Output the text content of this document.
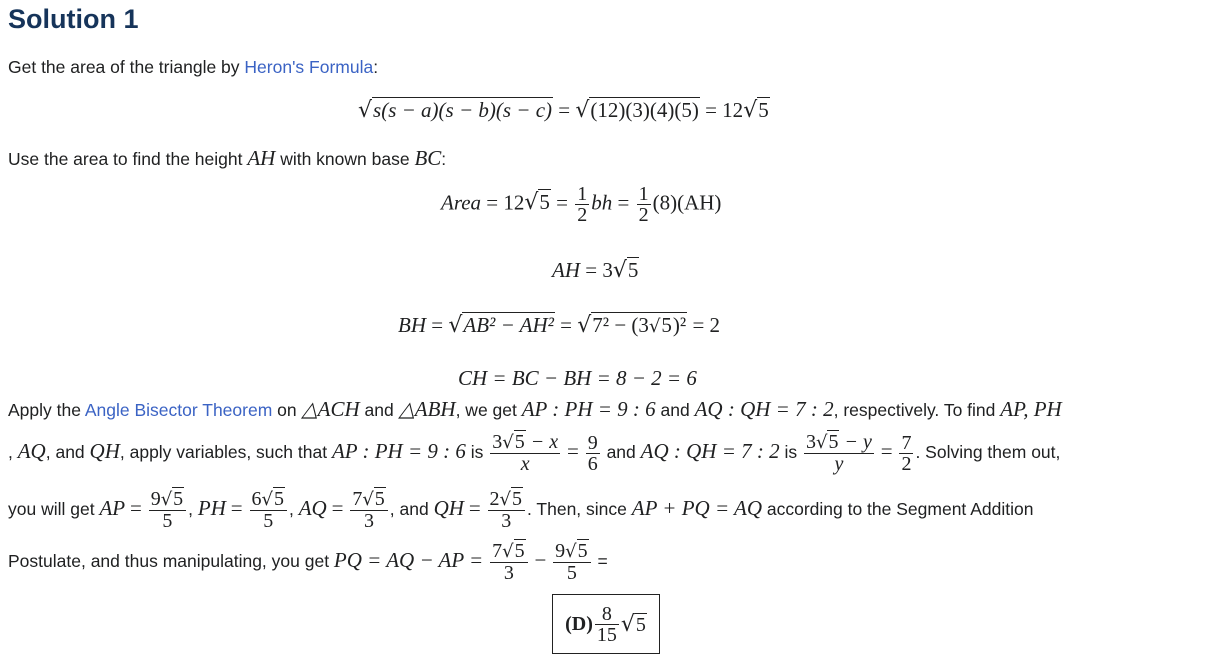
Solution 1
Get the area of the triangle by Heron's Formula:
√s(s − a)(s − b)(s − c) = √(12)(3)(4)(5) = 12√5
Use the area to find the height AH with known base BC:
Area = $12√5 = \frac{1}{2}$ bh = $\frac{1}{2} (8)(AH)$
AH = 3√5
BH = √AB² − AH² = √7² − (3√5)² = 2
CH = BC − BH = 8 − 2 = 6
Apply the Angle Bisector Theorem on △ACH and △ABH, we get AP : PH = 9 : 6 and AQ : QH = 7 : 2, respectively. To find AP, PH
, AQ, and QH, apply variables, such that AP : PH = 9 : 6 is $\frac{3√5 - x}{x} = \frac{9}{6}$ and AQ : QH = 7 : 2 is $\frac{3√5 - y}{y} = \frac{7}{2}$ . Solving them out,
you will get AP = $\frac{9√5}{5}$ , PH = $\frac{6√5}{5}$ , AQ = $\frac{7√5}{3}$ , and QH = $\frac{2√5}{3}$ . Then, since AP + PQ = AQ according to the Segment Addition
Postulate, and thus manipulating, you get PQ = AQ − AP = $\frac{7√5}{3} - \frac{9√5}{5}$ =
$(D) \frac{8}{15} √5$
